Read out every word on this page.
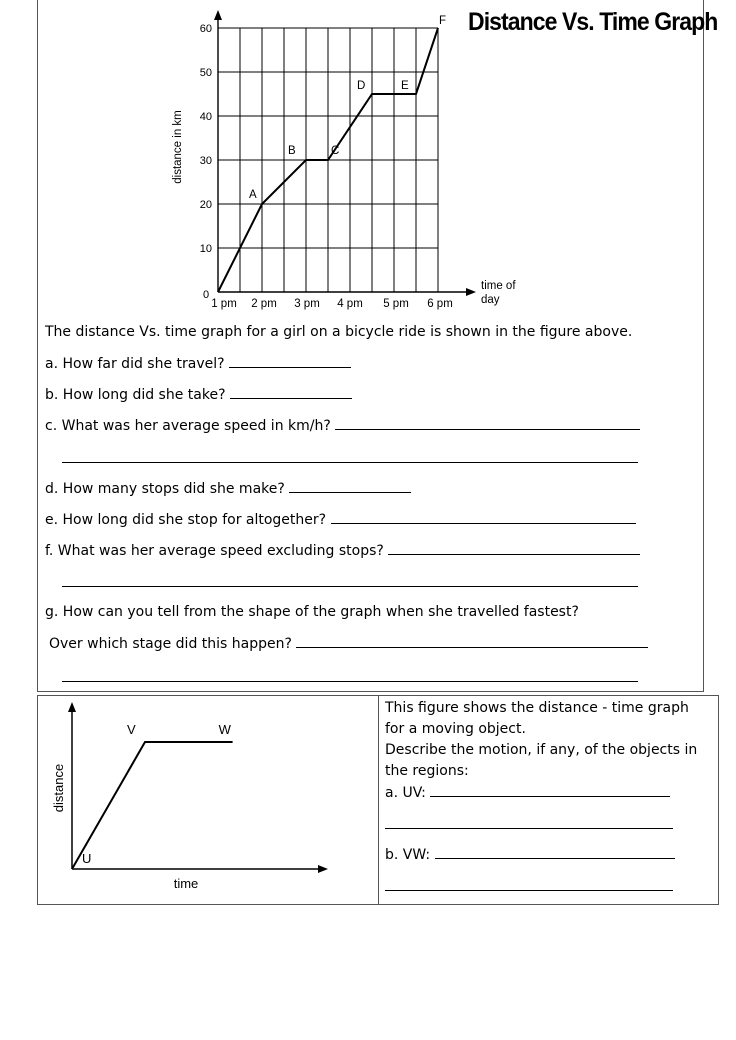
Distance Vs. Time Graph
10
20
30
40
50
60
0
1 pm 2 pm 3 pm 4 pm 5 pm 6 pm
time of
day
distance in km
A
B	C
D	E
F
The distance Vs. time graph for a girl on a bicycle ride is shown in the figure above.
a. How far did she travel?
b. How long did she take?
c. What was her average speed in km/h?
d. How many stops did she make?
e. How long did she stop for altogether?
f. What was her average speed excluding stops?
g. How can you tell from the shape of the graph when she travelled fastest?
Over which stage did this happen?
U
V	W
time
distance
This figure shows the distance - time graph
for a moving object.
Describe the motion, if any, of the objects in
the regions:
a. UV:
b. VW:
